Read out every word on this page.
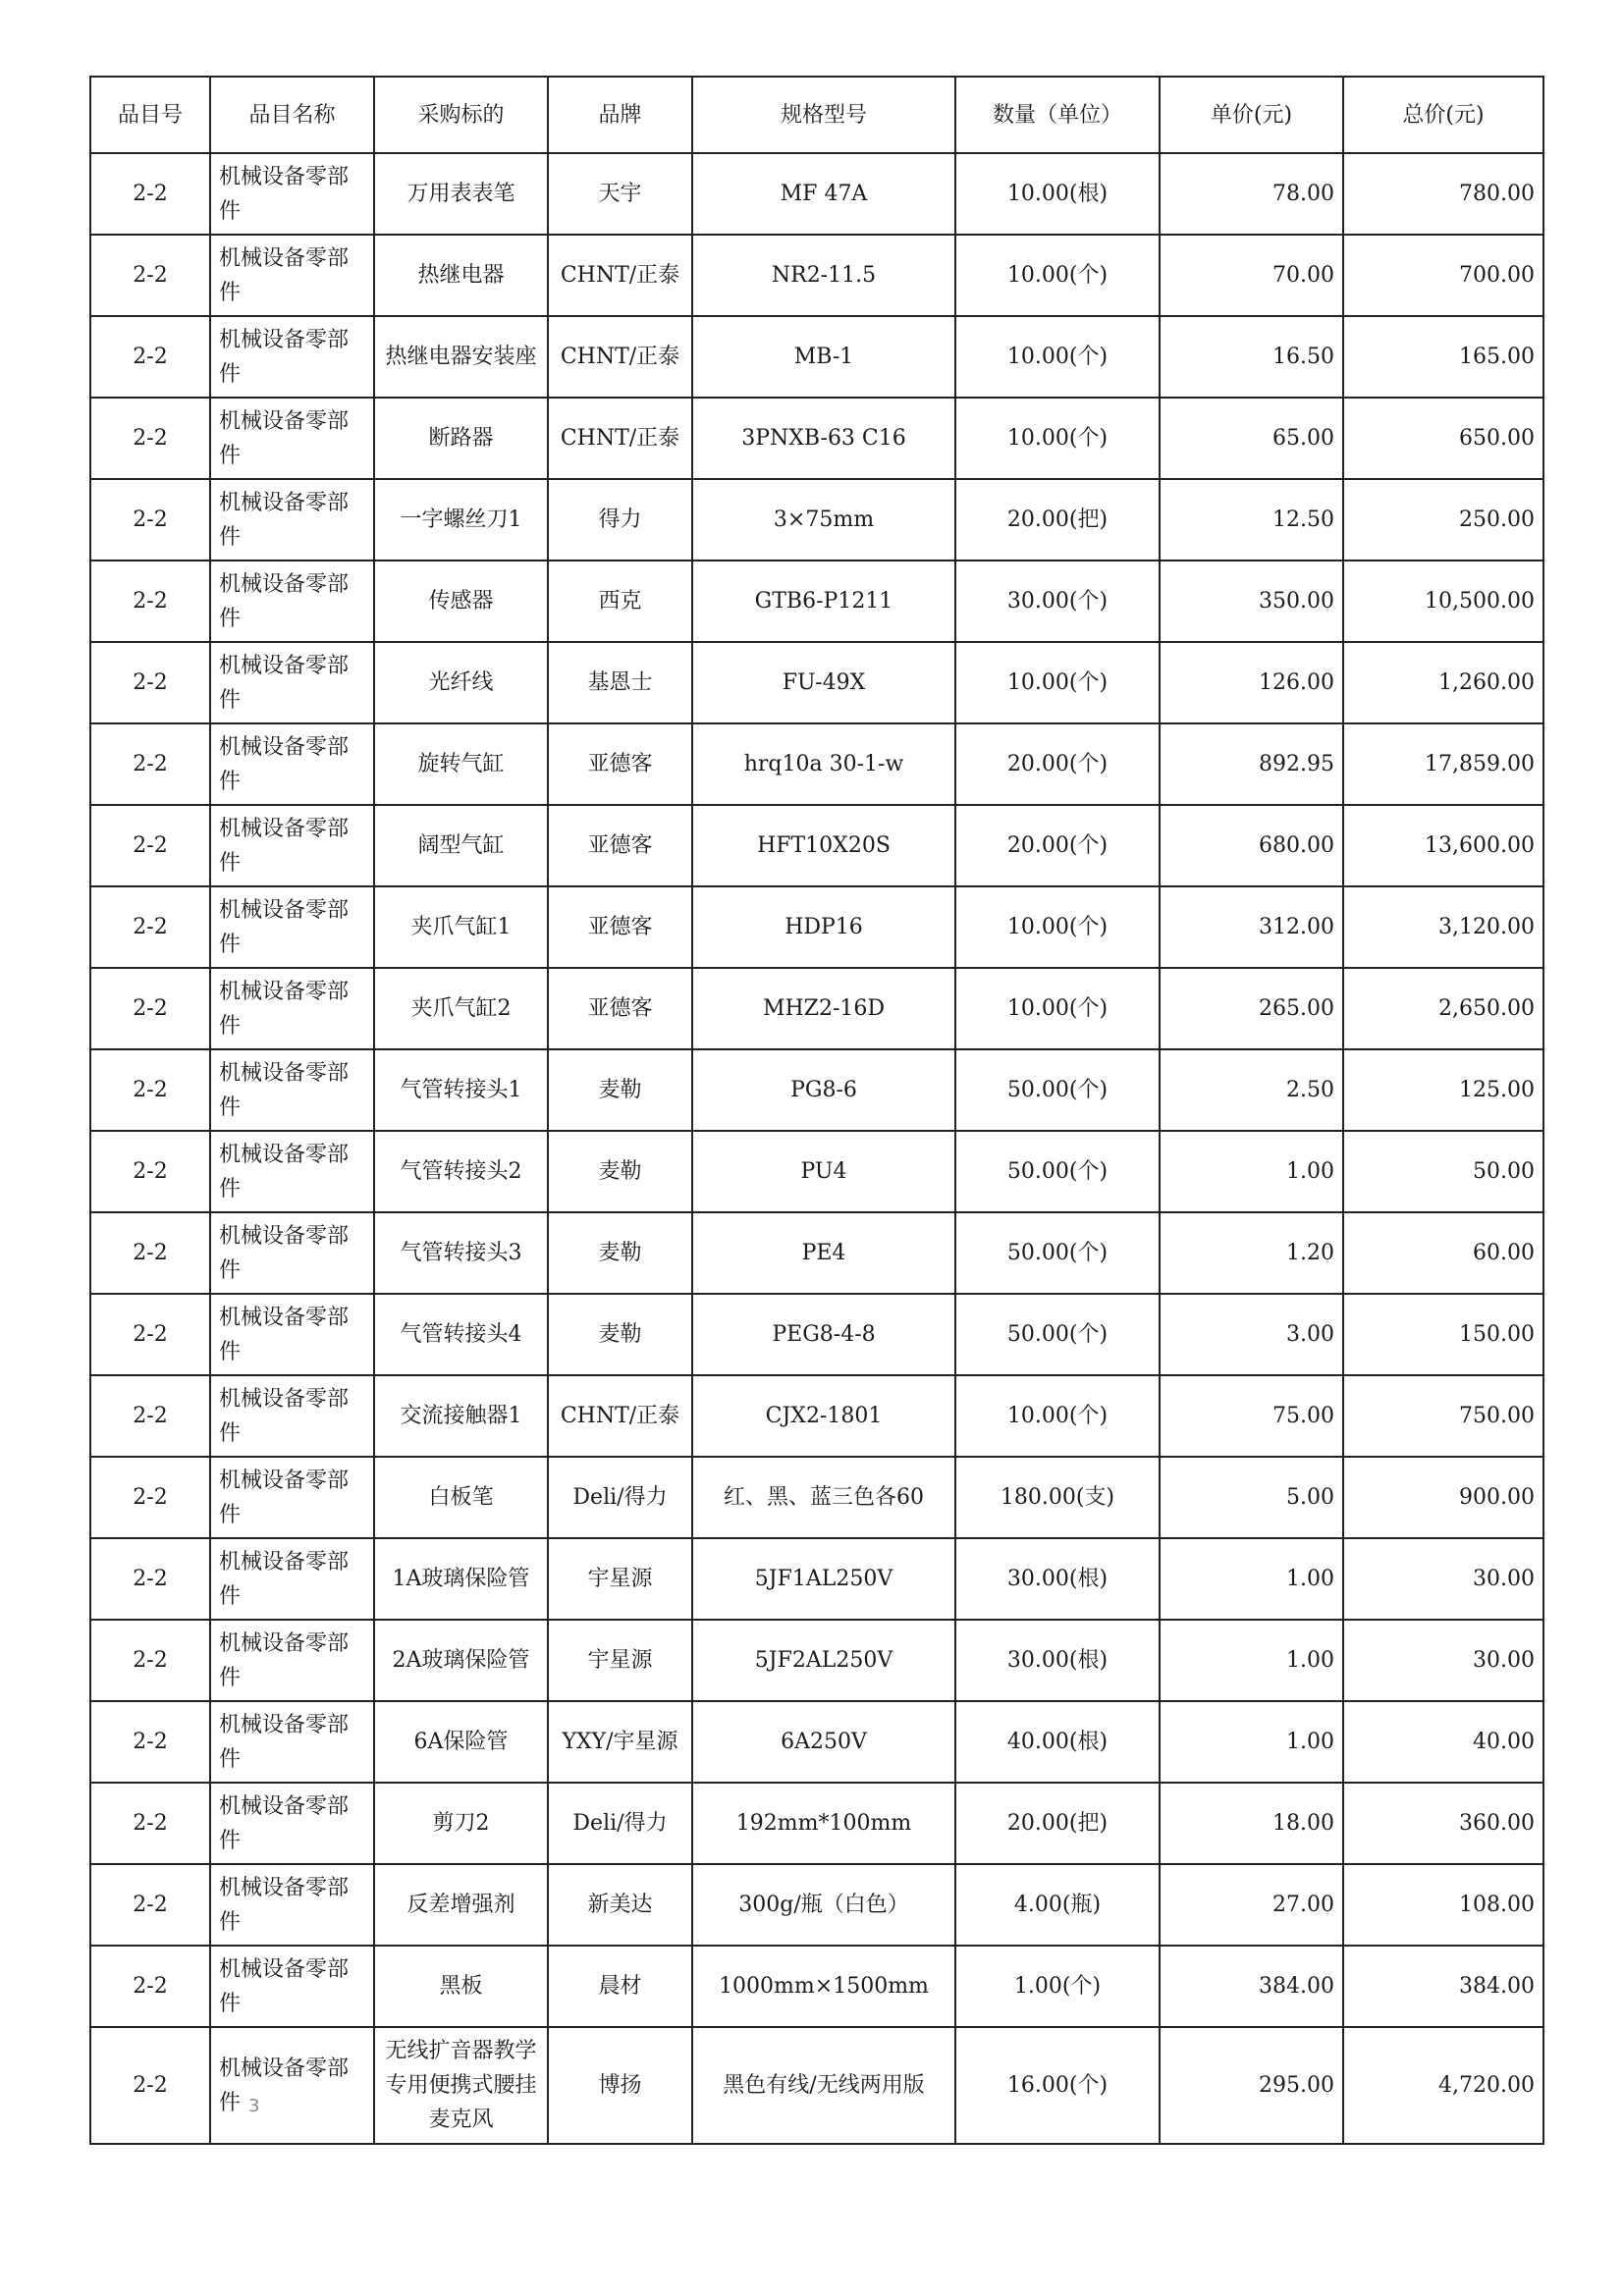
品目号	品目名称	采购标的	品牌	规格型号	数量（单位）	单价(元)	总价(元)
2-2	机械设备零部件	万用表表笔	天宇	MF 47A	10.00(根)	78.00	780.00
2-2	机械设备零部件	热继电器	CHNT/正泰	NR2-11.5	10.00(个)	70.00	700.00
2-2	机械设备零部件	热继电器安装座	CHNT/正泰	MB-1	10.00(个)	16.50	165.00
2-2	机械设备零部件	断路器	CHNT/正泰	3PNXB-63 C16	10.00(个)	65.00	650.00
2-2	机械设备零部件	一字螺丝刀1	得力	3×75mm	20.00(把)	12.50	250.00
2-2	机械设备零部件	传感器	西克	GTB6-P1211	30.00(个)	350.00	10,500.00
2-2	机械设备零部件	光纤线	基恩士	FU-49X	10.00(个)	126.00	1,260.00
2-2	机械设备零部件	旋转气缸	亚德客	hrq10a 30-1-w	20.00(个)	892.95	17,859.00
2-2	机械设备零部件	阔型气缸	亚德客	HFT10X20S	20.00(个)	680.00	13,600.00
2-2	机械设备零部件	夹爪气缸1	亚德客	HDP16	10.00(个)	312.00	3,120.00
2-2	机械设备零部件	夹爪气缸2	亚德客	MHZ2-16D	10.00(个)	265.00	2,650.00
2-2	机械设备零部件	气管转接头1	麦勒	PG8-6	50.00(个)	2.50	125.00
2-2	机械设备零部件	气管转接头2	麦勒	PU4	50.00(个)	1.00	50.00
2-2	机械设备零部件	气管转接头3	麦勒	PE4	50.00(个)	1.20	60.00
2-2	机械设备零部件	气管转接头4	麦勒	PEG8-4-8	50.00(个)	3.00	150.00
2-2	机械设备零部件	交流接触器1	CHNT/正泰	CJX2-1801	10.00(个)	75.00	750.00
2-2	机械设备零部件	白板笔	Deli/得力	红、黑、蓝三色各60	180.00(支)	5.00	900.00
2-2	机械设备零部件	1A玻璃保险管	宇星源	5JF1AL250V	30.00(根)	1.00	30.00
2-2	机械设备零部件	2A玻璃保险管	宇星源	5JF2AL250V	30.00(根)	1.00	30.00
2-2	机械设备零部件	6A保险管	YXY/宇星源	6A250V	40.00(根)	1.00	40.00
2-2	机械设备零部件	剪刀2	Deli/得力	192mm*100mm	20.00(把)	18.00	360.00
2-2	机械设备零部件	反差增强剂	新美达	300g/瓶（白色）	4.00(瓶)	27.00	108.00
2-2	机械设备零部件	黑板	晨材	1000mm×1500mm	1.00(个)	384.00	384.00
2-2	机械设备零部件	无线扩音器教学专用便携式腰挂麦克风	博扬	黑色有线/无线两用版	16.00(个)	295.00	4,720.00
3
